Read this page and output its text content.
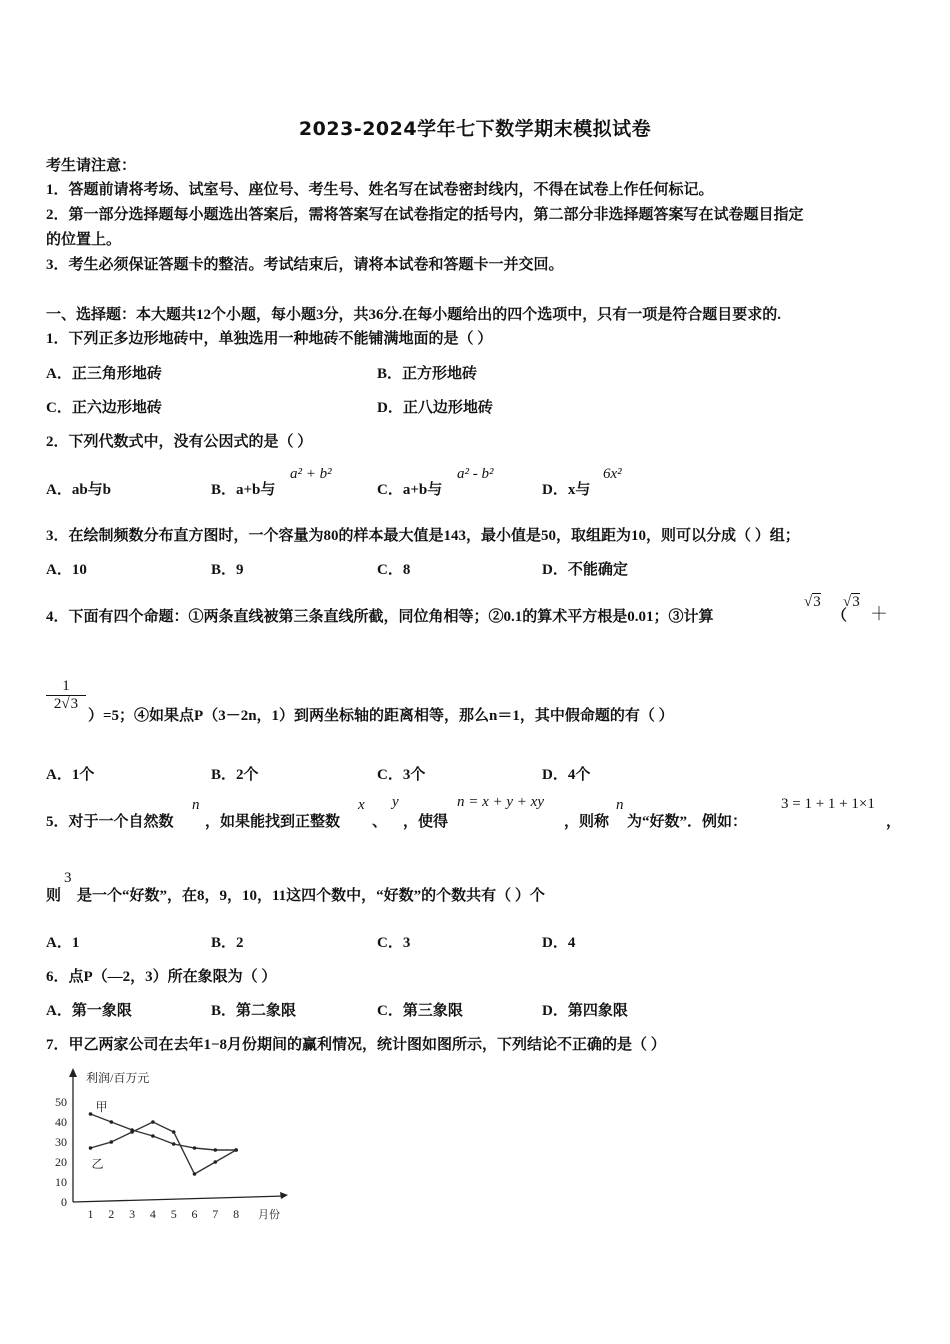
2023-2024学年七下数学期末模拟试卷
考生请注意：
1．答题前请将考场、试室号、座位号、考生号、姓名写在试卷密封线内，不得在试卷上作任何标记。
2．第一部分选择题每小题选出答案后，需将答案写在试卷指定的括号内，第二部分非选择题答案写在试卷题目指定
的位置上。
3．考生必须保证答题卡的整洁。考试结束后，请将本试卷和答题卡一并交回。
一、选择题：本大题共12个小题，每小题3分，共36分.在每小题给出的四个选项中，只有一项是符合题目要求的.
1．下列正多边形地砖中，单独选用一种地砖不能铺满地面的是（ ）
A．正三角形地砖	B．正方形地砖
C．正六边形地砖	D．正八边形地砖
2．下列代数式中，没有公因式的是（ ）
A．ab与b	B．a+b与
a² + b²
C．a+b与
a² - b²
D．x与
6x²
3．在绘制频数分布直方图时，一个容量为80的样本最大值是143，最小值是50，取组距为10，则可以分成（ ）组；
A．10	B．9	C．8	D．不能确定
4．下面有四个命题：①两条直线被第三条直线所截，同位角相等；②0.1的算术平方根是0.01；③计算
√3
（
√3
＋
$\frac{1}{2√3}$
）=5；④如果点P（3－2n，1）到两坐标轴的距离相等，那么n＝1，其中假命题的有（ ）
A．1个	B．2个	C．3个	D．4个
5．对于一个自然数
n
，如果能找到正整数
x
、
y
，使得
n = x + y + xy
，则称
n
为“好数”．例如：
3 = 1 + 1 + 1×1
，
则
3
是一个“好数”，在8，9，10，11这四个数中，“好数”的个数共有（ ）个
A．1	B．2	C．3	D．4
6．点P（—2，3）所在象限为（ ）
A．第一象限	B．第二象限	C．第三象限	D．第四象限
7．甲乙两家公司在去年1−8月份期间的赢利情况，统计图如图所示，下列结论不正确的是（ ）
利润/百万元
月份
0
10
20
30
40
50
1 2 3 4 5 6 7 8
甲
乙
